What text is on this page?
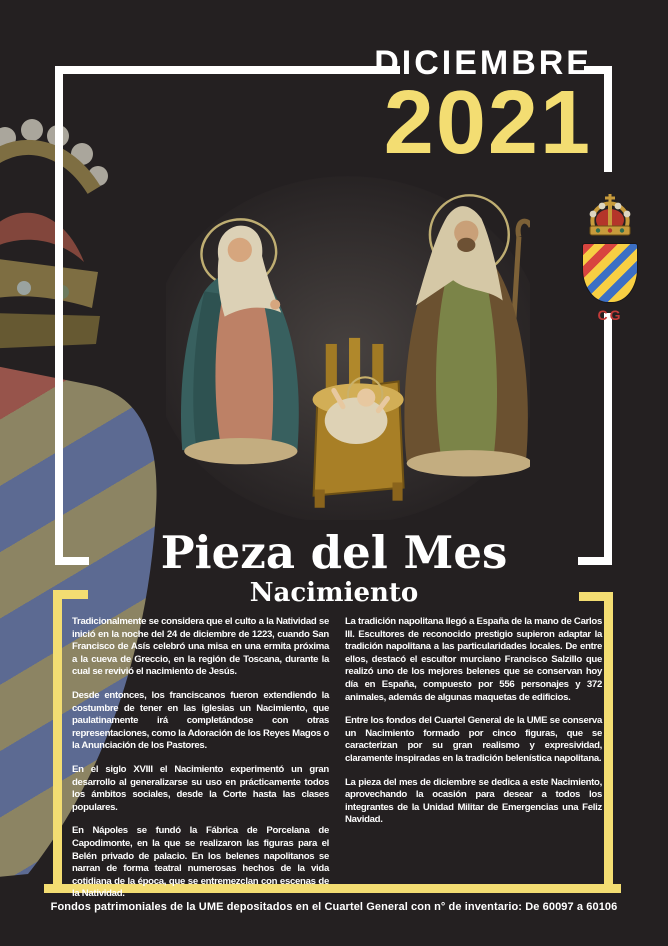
DICIEMBRE
2021
CG
Pieza del Mes
Nacimiento

Tradicionalmente se considera que el culto a la Natividad se inició en la noche del 24 de diciembre de 1223, cuando San Francisco de Asís celebró una misa en una ermita próxima a la cueva de Greccio, en la región de Toscana, durante la cual se revivió el nacimiento de Jesús.

Desde entonces, los franciscanos fueron extendiendo la costumbre de tener en las iglesias un Nacimiento, que paulatinamente irá completándose con otras representaciones, como la Adoración de los Reyes Magos o la Anunciación de los Pastores.

En el siglo XVIII el Nacimiento experimentó un gran desarrollo al generalizarse su uso en prácticamente todos los ámbitos sociales, desde la Corte hasta las clases populares.

En Nápoles se fundó la Fábrica de Porcelana de Capodimonte, en la que se realizaron las figuras para el Belén privado de palacio. En los belenes napolitanos se narran de forma teatral numerosas hechos de la vida cotidiana de la época, que se entremezclan con escenas de la Natividad.

La tradición napolitana llegó a España de la mano de Carlos III. Escultores de reconocido prestigio supieron adaptar la tradición napolitana a las particularidades locales. De entre ellos, destacó el escultor murciano Francisco Salzillo que realizó uno de los mejores belenes que se conservan hoy día en España, compuesto por 556 personajes y 372 animales, además de algunas maquetas de edificios.

Entre los fondos del Cuartel General de la UME se conserva un Nacimiento formado por cinco figuras, que se caracterizan por su gran realismo y expresividad, claramente inspiradas en la tradición belenística napolitana.

La pieza del mes de diciembre se dedica a este Nacimiento, aprovechando la ocasión para desear a todos los integrantes de la Unidad Militar de Emergencias una Feliz Navidad.

Fondos patrimoniales de la UME depositados en el Cuartel General con n° de inventario: De 60097 a 60106
